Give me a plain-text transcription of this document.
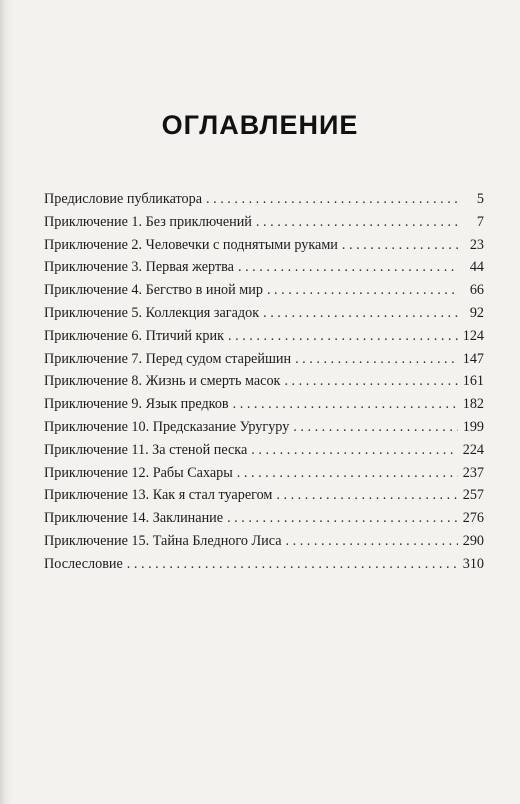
ОГЛАВЛЕНИЕ
Предисловие публикатора . . .	5
Приключение 1. Без приключений . . .	7
Приключение 2. Человечки с поднятыми руками . . .	23
Приключение 3. Первая жертва . . .	44
Приключение 4. Бегство в иной мир . . .	66
Приключение 5. Коллекция загадок . . .	92
Приключение 6. Птичий крик . . .	124
Приключение 7. Перед судом старейшин . . .	147
Приключение 8. Жизнь и смерть масок . . .	161
Приключение 9. Язык предков . . .	182
Приключение 10. Предсказание Уругуру . . .	199
Приключение 11. За стеной песка . . .	224
Приключение 12. Рабы Сахары . . .	237
Приключение 13. Как я стал туарегом . . .	257
Приключение 14. Заклинание . . .	276
Приключение 15. Тайна Бледного Лиса . . .	290
Послесловие . . .	310
